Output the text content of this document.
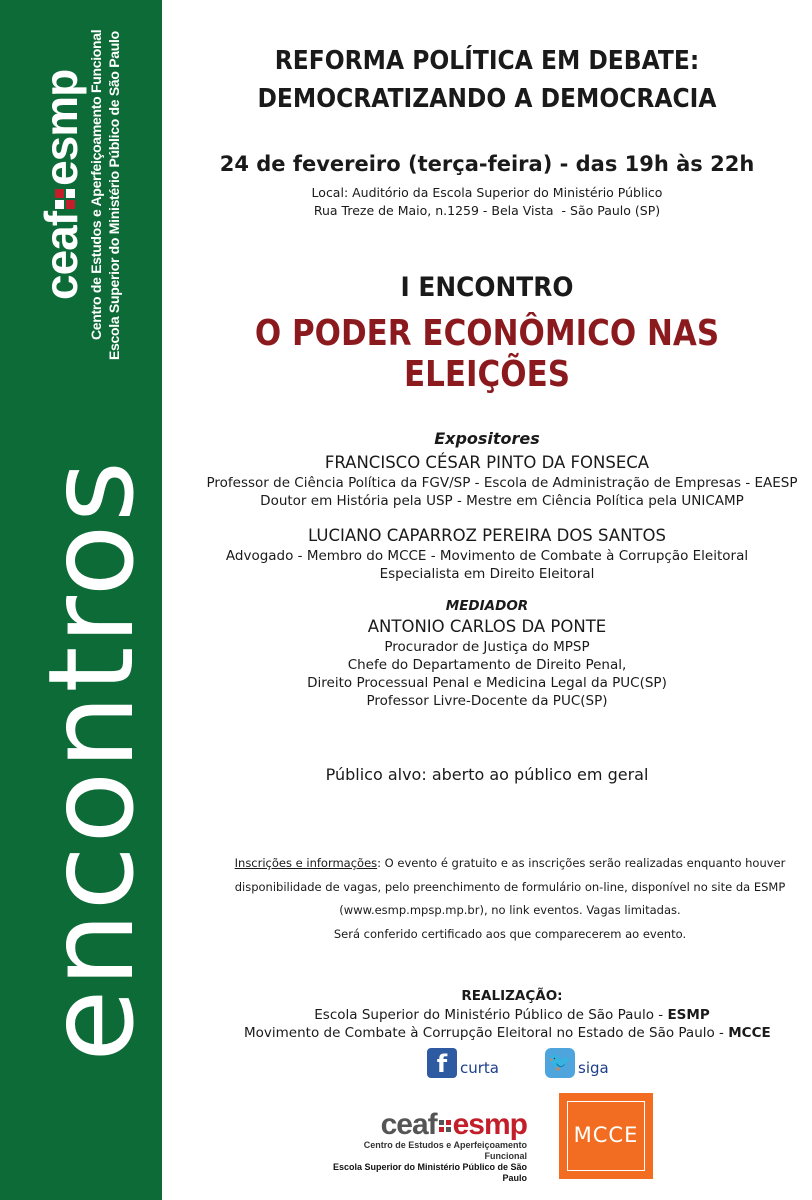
ceafesmp Centro de Estudos e Aperfeiçoamento Funcional Escola Superior do Ministério Público de São Paulo
encontros
REFORMA POLÍTICA EM DEBATE:
DEMOCRATIZANDO A DEMOCRACIA
24 de fevereiro (terça-feira) - das 19h às 22h
Local: Auditório da Escola Superior do Ministério Público
Rua Treze de Maio, n.1259 - Bela Vista  - São Paulo (SP)
I ENCONTRO
O PODER ECONÔMICO NAS ELEIÇÕES
Expositores
FRANCISCO CÉSAR PINTO DA FONSECA
Professor de Ciência Política da FGV/SP - Escola de Administração de Empresas - EAESP
Doutor em História pela USP - Mestre em Ciência Política pela UNICAMP
LUCIANO CAPARROZ PEREIRA DOS SANTOS
Advogado - Membro do MCCE - Movimento de Combate à Corrupção Eleitoral
Especialista em Direito Eleitoral
MEDIADOR
ANTONIO CARLOS DA PONTE
Procurador de Justiça do MPSP
Chefe do Departamento de Direito Penal,
Direito Processual Penal e Medicina Legal da PUC(SP)
Professor Livre-Docente da PUC(SP)
Público alvo: aberto ao público em geral
Inscrições e informações: O evento é gratuito e as inscrições serão realizadas enquanto houver
disponibilidade de vagas, pelo preenchimento de formulário on-line, disponível no site da ESMP
(www.esmp.mpsp.mp.br), no link eventos. Vagas limitadas.
Será conferido certificado aos que comparecerem ao evento.
REALIZAÇÃO:
Escola Superior do Ministério Público de São Paulo - ESMP
Movimento de Combate à Corrupção Eleitoral no Estado de São Paulo - MCCE
f curta	🐦 siga
ceaf esmp
Centro de Estudos e Aperfeiçoamento Funcional
Escola Superior do Ministério Público de São Paulo
MCCE
